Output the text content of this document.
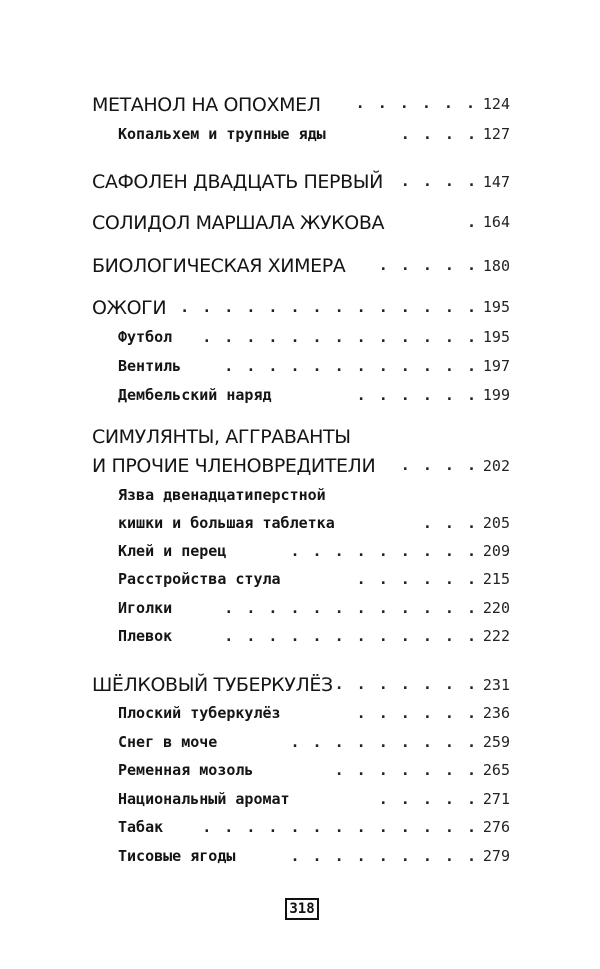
МЕТАНОЛ НА ОПОХМЕЛ . . . . . . 124
Копальхем и трупные яды	. . . . 127
САФОЛЕН ДВАДЦАТЬ ПЕРВЫЙ . . . . 147
СОЛИДОЛ МАРШАЛА ЖУКОВА	. 164
БИОЛОГИЧЕСКАЯ ХИМЕРА . . . . . 180
ОЖОГИ . . . . . . . . . . . . . . 195
Футбол . . . . . . . . . . . . . 195
Вентиль	. . . . . . . . . . . . 197
Дембельский наряд	. . . . . . 199
СИМУЛЯНТЫ, АГГРАВАНТЫ
И ПРОЧИЕ ЧЛЕНОВРЕДИТЕЛИ . . . . 202
Язва двенадцатиперстной
кишки и большая таблетка	. . . 205
Клей и перец	. . . . . . . . . 209
Расстройства стула	. . . . . . 215
Иголки	. . . . . . . . . . . . 220
Плевок	. . . . . . . . . . . . 222
ШЁЛКОВЫЙ ТУБЕРКУЛЁЗ . . . . . . . 231
Плоский туберкулёз	. . . . . . 236
Снег в моче	. . . . . . . . . 259
Ременная мозоль	. . . . . . . 265
Национальный аромат	. . . . . 271
Табак	. . . . . . . . . . . . . 276
Тисовые ягоды	. . . . . . . . . 279
318
